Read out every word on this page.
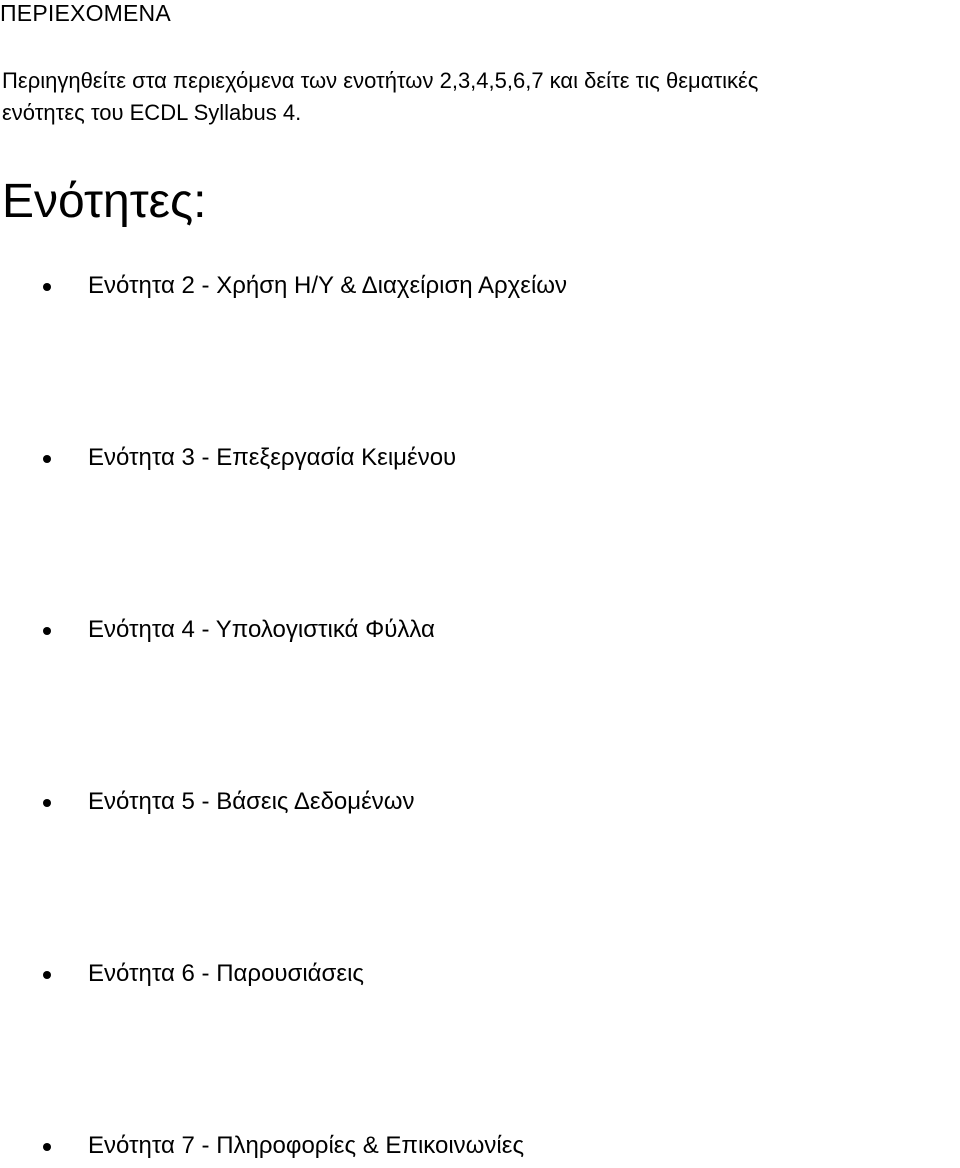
ΠΕΡΙΕΧΟΜΕΝΑ

Περιηγηθείτε στα περιεχόμενα των ενοτήτων 2,3,4,5,6,7 και δείτε τις θεματικές
ενότητες του ECDL Syllabus 4.

Ενότητες:
Ενότητα 2 - Χρήση Η/Υ & Διαχείριση Αρχείων
Ενότητα 3 - Επεξεργασία Κειμένου
Ενότητα 4 - Υπολογιστικά Φύλλα
Ενότητα 5 - Βάσεις Δεδομένων
Ενότητα 6 - Παρουσιάσεις
Ενότητα 7 - Πληροφορίες & Επικοινωνίες
